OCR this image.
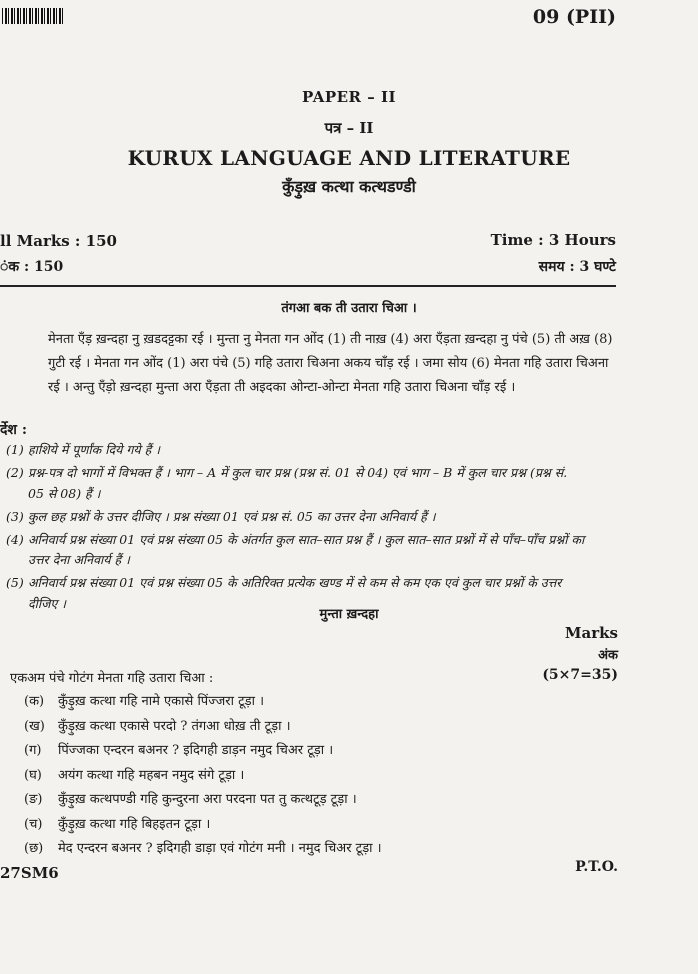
09 (PII)
PAPER – II
पत्र – II
KURUX LANGUAGE AND LITERATURE
कुँड़ुख़ कत्था कत्थडण्डी
ll Marks : 150
ंक : 150
Time : 3 Hours
समय : 3 घण्टे
तंगआ बक ती उतारा चिआ ।
मेनता एँड़ ख़न्दहा नु ख़डदट्टका रई । मुन्ता नु मेनता गन ओंद (1) ती नाख़ (4) अरा एँड़ता ख़न्दहा नु पंचे (5) ती अख़ (8) गुटी रई । मेनता गन ओंद (1) अरा पंचे (5) गहि उतारा चिअना अकय चाँड़ रई । जमा सोय (6) मेनता गहि उतारा चिअना रई । अन्तु एँड़ो ख़न्दहा मुन्ता अरा एँड़ता ती अइदका ओन्टा-ओन्टा मेनता गहि उतारा चिअना चाँड़ रई ।
र्देश :
(1) हाशिये में पूर्णांक दिये गये हैं ।
(2) प्रश्न-पत्र दो भागों में विभक्त हैं । भाग – A में कुल चार प्रश्न (प्रश्न सं. 01 से 04) एवं भाग – B में कुल चार प्रश्न (प्रश्न सं. 05 से 08) हैं ।
(3) कुल छह प्रश्नों के उत्तर दीजिए । प्रश्न संख्या 01 एवं प्रश्न सं. 05 का उत्तर देना अनिवार्य हैं ।
(4) अनिवार्य प्रश्न संख्या 01 एवं प्रश्न संख्या 05 के अंतर्गत कुल सात–सात प्रश्न हैं । कुल सात–सात प्रश्नों में से पाँच–पाँच प्रश्नों का उत्तर देना अनिवार्य हैं ।
(5) अनिवार्य प्रश्न संख्या 01 एवं प्रश्न संख्या 05 के अतिरिक्त प्रत्येक खण्ड में से कम से कम एक एवं कुल चार प्रश्नों के उत्तर दीजिए ।
मुन्ता ख़न्दहा
Marks
अंक
एकअम पंचे गोटंग मेनता गहि उतारा चिआ :	(5×7=35)
(क) कुँड़ुख़ कत्था गहि नामे एकासे पिंज्जरा टूड़ा ।
(ख) कुँड़ुख़ कत्था एकासे परदो ? तंगआ धोख़ ती टूड़ा ।
(ग) पिंज्जका एन्दरन बअनर ? इदिगही डाड़न नमुद चिअर टूड़ा ।
(घ) अयंग कत्था गहि महबन नमुद संगे टूड़ा ।
(ङ) कुँड़ुख़ कत्थपण्डी गहि कुन्दुरना अरा परदना पत तु कत्थटूड़ टूड़ा ।
(च) कुँड़ुख़ कत्था गहि बिहइतन टूड़ा ।
(छ) मेद एन्दरन बअनर ? इदिगही डाड़ा एवं गोटंग मनी । नमुद चिअर टूड़ा ।
27SM6	P.T.O.
